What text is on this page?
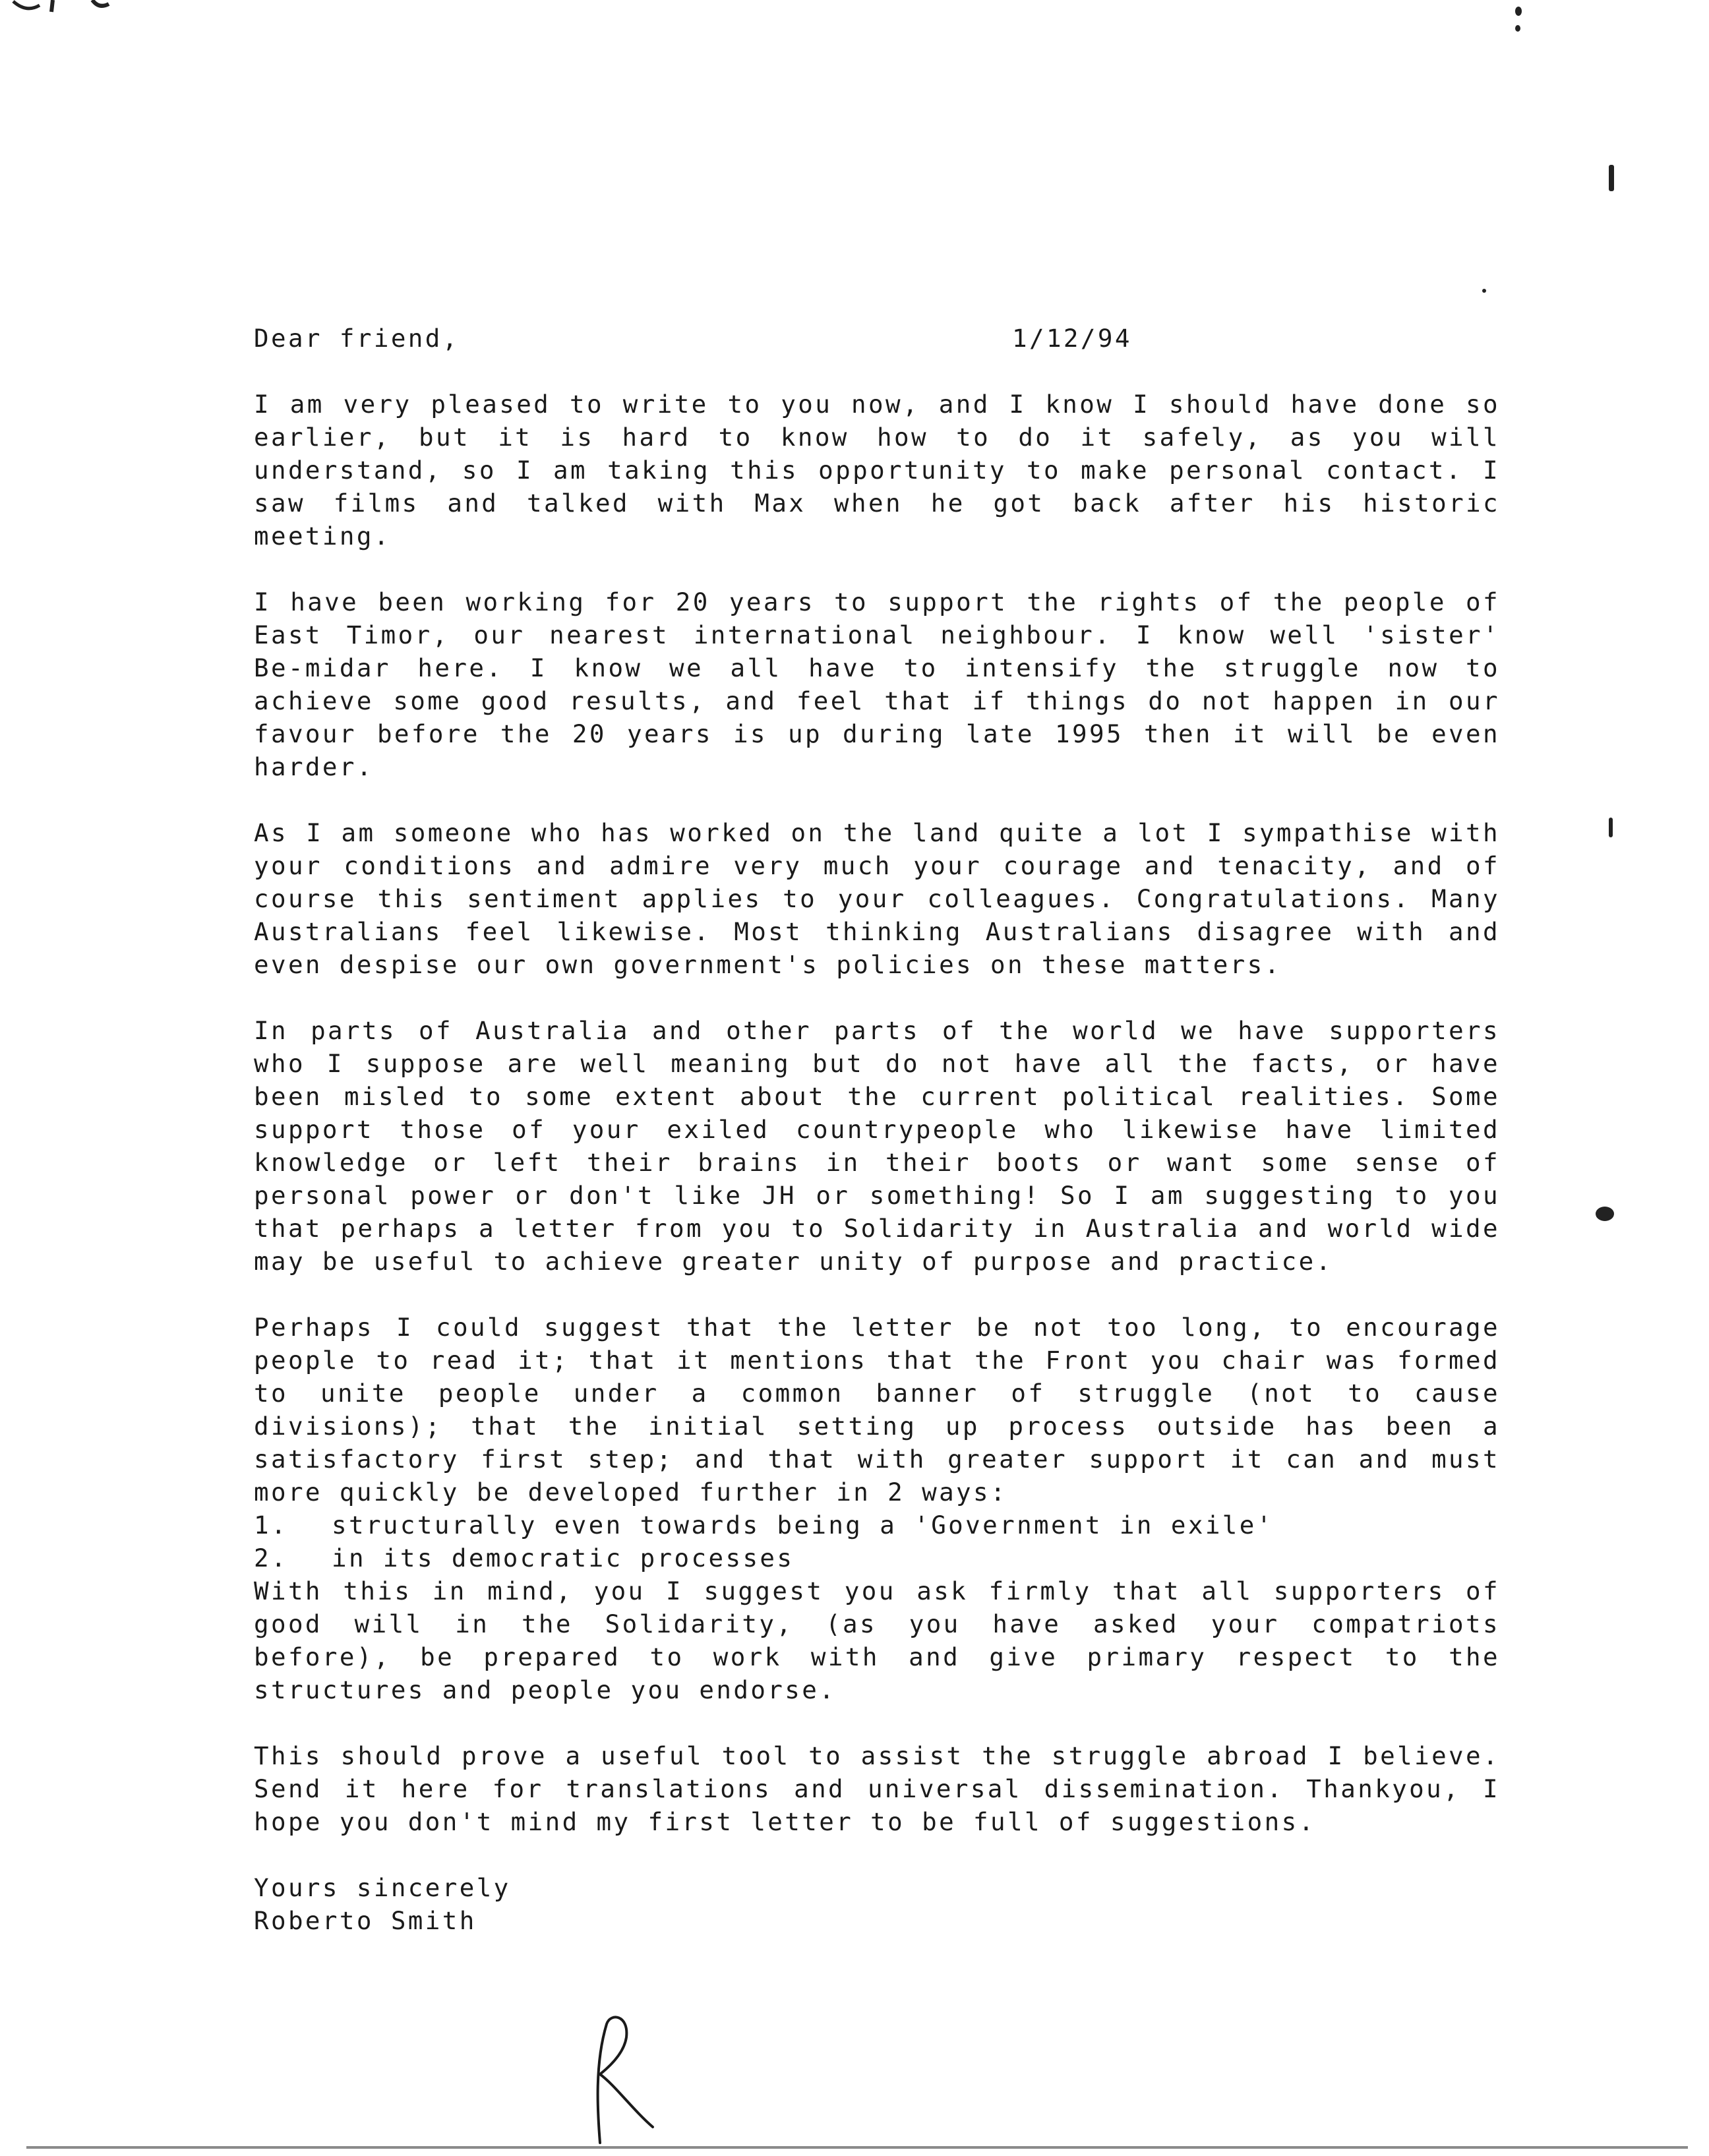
Dear friend,	1/12/94

I am very pleased to write to you now, and I know I should have done so earlier, but it is hard to know how to do it safely, as you will understand, so I am taking this opportunity to make personal contact. I saw films and talked with Max when he got back after his historic meeting.

I have been working for 20 years to support the rights of the people of East Timor, our nearest international neighbour. I know well 'sister' Be-midar here. I know we all have to intensify the struggle now to achieve some good results, and feel that if things do not happen in our favour before the 20 years is up during late 1995 then it will be even harder.

As I am someone who has worked on the land quite a lot I sympathise with your conditions and admire very much your courage and tenacity, and of course this sentiment applies to your colleagues. Congratulations. Many Australians feel likewise. Most thinking Australians disagree with and even despise our own government's policies on these matters.

In parts of Australia and other parts of the world we have supporters who I suppose are well meaning but do not have all the facts, or have been misled to some extent about the current political realities. Some support those of your exiled countrypeople who likewise have limited knowledge or left their brains in their boots or want some sense of personal power or don't like JH or something! So I am suggesting to you that perhaps a letter from you to Solidarity in Australia and world wide may be useful to achieve greater unity of purpose and practice.

Perhaps I could suggest that the letter be not too long, to encourage people to read it; that it mentions that the Front you chair was formed to unite people under a common banner of struggle (not to cause divisions); that the initial setting up process outside has been a satisfactory first step; and that with greater support it can and must more quickly be developed further in 2 ways:

1.	structurally even towards being a 'Government in exile'
2.	in its democratic processes

With this in mind, you I suggest you ask firmly that all supporters of good will in the Solidarity, (as you have asked your compatriots before), be prepared to work with and give primary respect to the structures and people you endorse.

This should prove a useful tool to assist the struggle abroad I believe. Send it here for translations and universal dissemination. Thankyou, I hope you don't mind my first letter to be full of suggestions.

Yours sincerely

Roberto Smith
